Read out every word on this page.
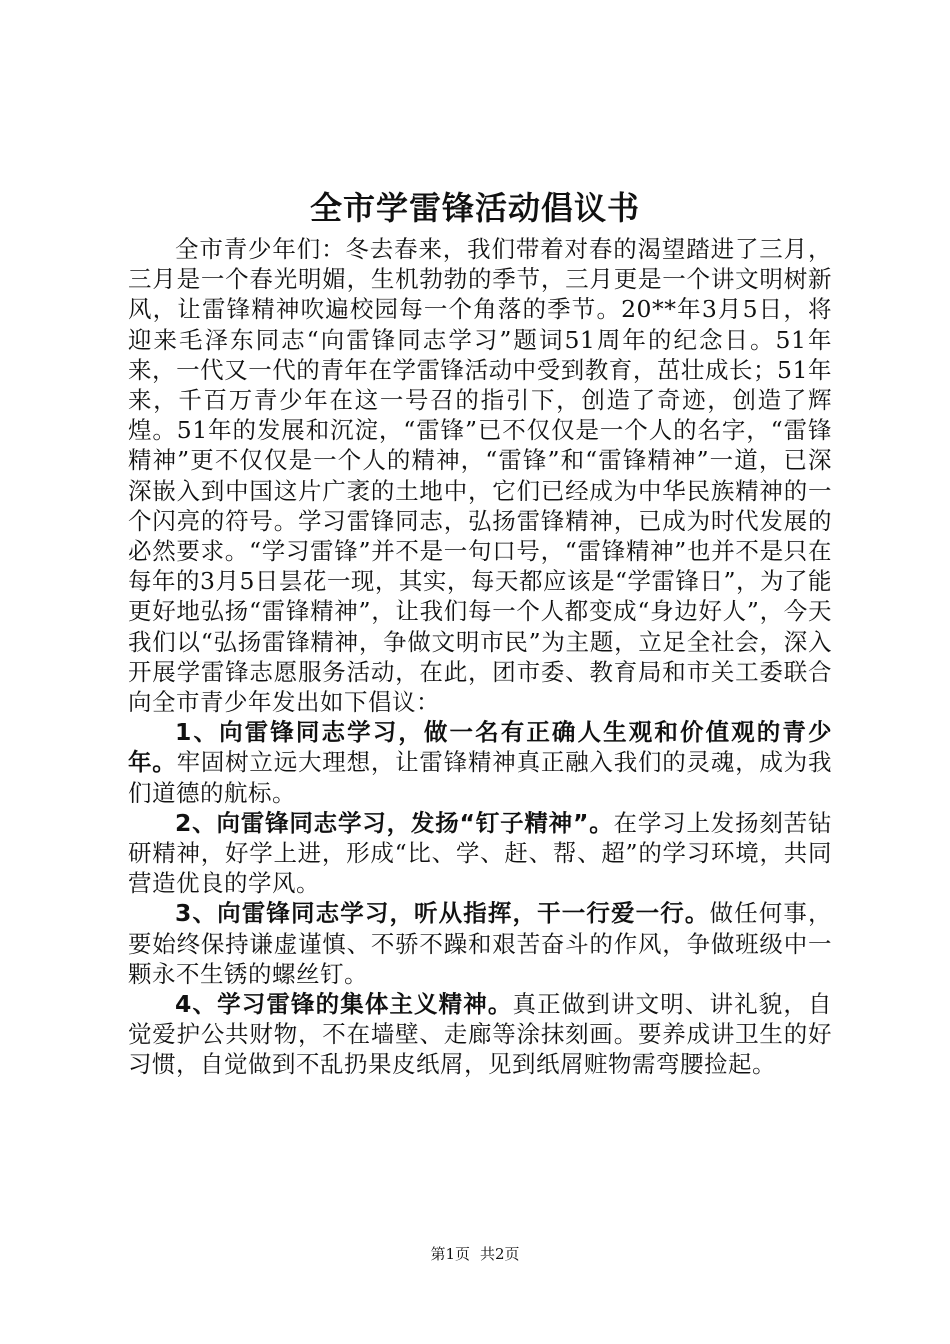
全市学雷锋活动倡议书

全市青少年们：冬去春来，我们带着对春的渴望踏进了三月，三月是一个春光明媚，生机勃勃的季节，三月更是一个讲文明树新风，让雷锋精神吹遍校园每一个角落的季节。20**年3月5日，将迎来毛泽东同志“向雷锋同志学习”题词51周年的纪念日。51年来，一代又一代的青年在学雷锋活动中受到教育，茁壮成长；51年来，千百万青少年在这一号召的指引下，创造了奇迹，创造了辉煌。51年的发展和沉淀，“雷锋”已不仅仅是一个人的名字，“雷锋精神”更不仅仅是一个人的精神，“雷锋”和“雷锋精神”一道，已深深嵌入到中国这片广袤的土地中，它们已经成为中华民族精神的一个闪亮的符号。学习雷锋同志，弘扬雷锋精神，已成为时代发展的必然要求。“学习雷锋”并不是一句口号，“雷锋精神”也并不是只在每年的3月5日昙花一现，其实，每天都应该是“学雷锋日”，为了能更好地弘扬“雷锋精神”，让我们每一个人都变成“身边好人”，今天我们以“弘扬雷锋精神，争做文明市民”为主题，立足全社会，深入开展学雷锋志愿服务活动，在此，团市委、教育局和市关工委联合向全市青少年发出如下倡议：

1、向雷锋同志学习，做一名有正确人生观和价值观的青少年。牢固树立远大理想，让雷锋精神真正融入我们的灵魂，成为我们道德的航标。

2、向雷锋同志学习，发扬“钉子精神”。在学习上发扬刻苦钻研精神，好学上进，形成“比、学、赶、帮、超”的学习环境，共同营造优良的学风。

3、向雷锋同志学习，听从指挥，干一行爱一行。做任何事，要始终保持谦虚谨慎、不骄不躁和艰苦奋斗的作风，争做班级中一颗永不生锈的螺丝钉。

4、学习雷锋的集体主义精神。真正做到讲文明、讲礼貌，自觉爱护公共财物，不在墙壁、走廊等涂抹刻画。要养成讲卫生的好习惯，自觉做到不乱扔果皮纸屑，见到纸屑赃物需弯腰捡起。

第1页 共2页
